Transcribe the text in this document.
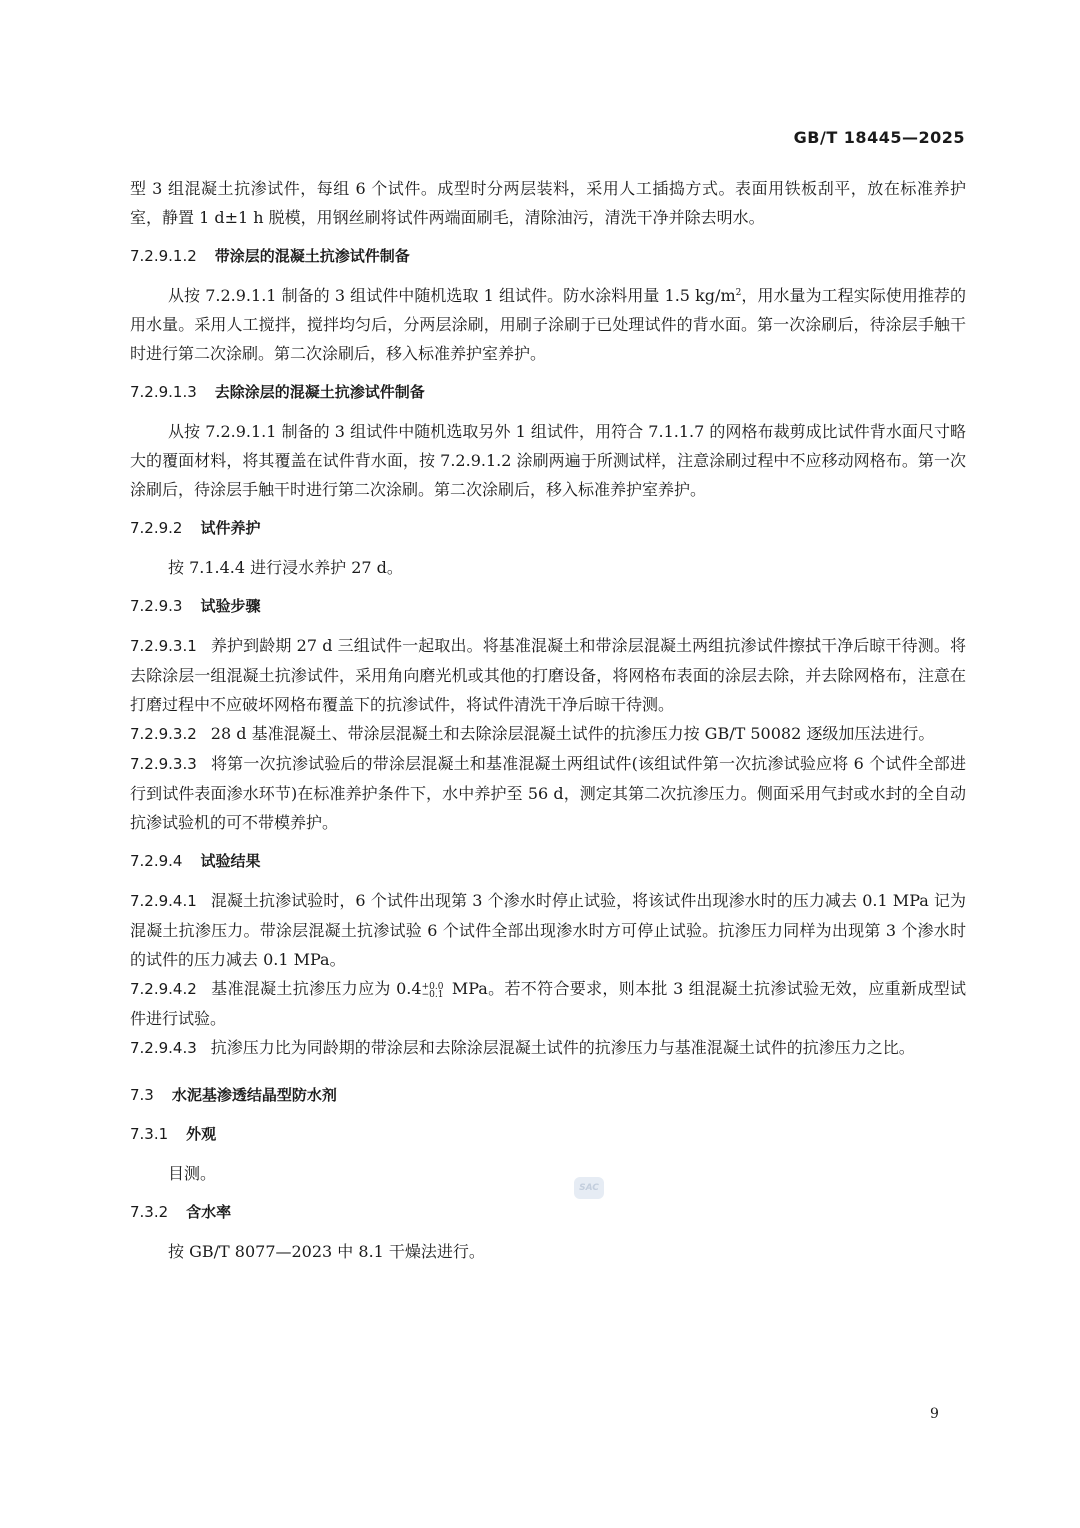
GB/T 18445—2025

型 3 组混凝土抗渗试件，每组 6 个试件。成型时分两层装料，采用人工插捣方式。表面用铁板刮平，放在标准养护室，静置 1 d±1 h 脱模，用钢丝刷将试件两端面刷毛，清除油污，清洗干净并除去明水。

7.2.9.1.2 带涂层的混凝土抗渗试件制备

从按 7.2.9.1.1 制备的 3 组试件中随机选取 1 组试件。防水涂料用量 1.5 $kg/m^2$，用水量为工程实际使用推荐的用水量。采用人工搅拌，搅拌均匀后，分两层涂刷，用刷子涂刷于已处理试件的背水面。第一次涂刷后，待涂层手触干时进行第二次涂刷。第二次涂刷后，移入标准养护室养护。

7.2.9.1.3 去除涂层的混凝土抗渗试件制备

从按 7.2.9.1.1 制备的 3 组试件中随机选取另外 1 组试件，用符合 7.1.1.7 的网格布裁剪成比试件背水面尺寸略大的覆面材料，将其覆盖在试件背水面，按 7.2.9.1.2 涂刷两遍于所测试样，注意涂刷过程中不应移动网格布。第一次涂刷后，待涂层手触干时进行第二次涂刷。第二次涂刷后，移入标准养护室养护。

7.2.9.2 试件养护

按 7.1.4.4 进行浸水养护 27 d。

7.2.9.3 试验步骤

7.2.9.3.1 养护到龄期 27 d 三组试件一起取出。将基准混凝土和带涂层混凝土两组抗渗试件擦拭干净后晾干待测。将去除涂层一组混凝土抗渗试件，采用角向磨光机或其他的打磨设备，将网格布表面的涂层去除，并去除网格布，注意在打磨过程中不应破坏网格布覆盖下的抗渗试件，将试件清洗干净后晾干待测。

7.2.9.3.2 28 d 基准混凝土、带涂层混凝土和去除涂层混凝土试件的抗渗压力按 GB/T 50082 逐级加压法进行。

7.2.9.3.3 将第一次抗渗试验后的带涂层混凝土和基准混凝土两组试件(该组试件第一次抗渗试验应将 6 个试件全部进行到试件表面渗水环节)在标准养护条件下，水中养护至 56 d，测定其第二次抗渗压力。侧面采用气封或水封的全自动抗渗试验机的可不带模养护。

7.2.9.4 试验结果

7.2.9.4.1 混凝土抗渗试验时，6 个试件出现第 3 个渗水时停止试验，将该试件出现渗水时的压力减去 0.1 MPa 记为混凝土抗渗压力。带涂层混凝土抗渗试验 6 个试件全部出现渗水时方可停止试验。抗渗压力同样为出现第 3 个渗水时的试件的压力减去 0.1 MPa。

7.2.9.4.2 基准混凝土抗渗压力应为 0.4 +0.0
−0.1 MPa。若不符合要求，则本批 3 组混凝土抗渗试验无效，应重新成型试件进行试验。

7.2.9.4.3 抗渗压力比为同龄期的带涂层和去除涂层混凝土试件的抗渗压力与基准混凝土试件的抗渗压力之比。

7.3 水泥基渗透结晶型防水剂
7.3.1 外观

目测。

7.3.2 含水率

按 GB/T 8077—2023 中 8.1 干燥法进行。

SAC
9
